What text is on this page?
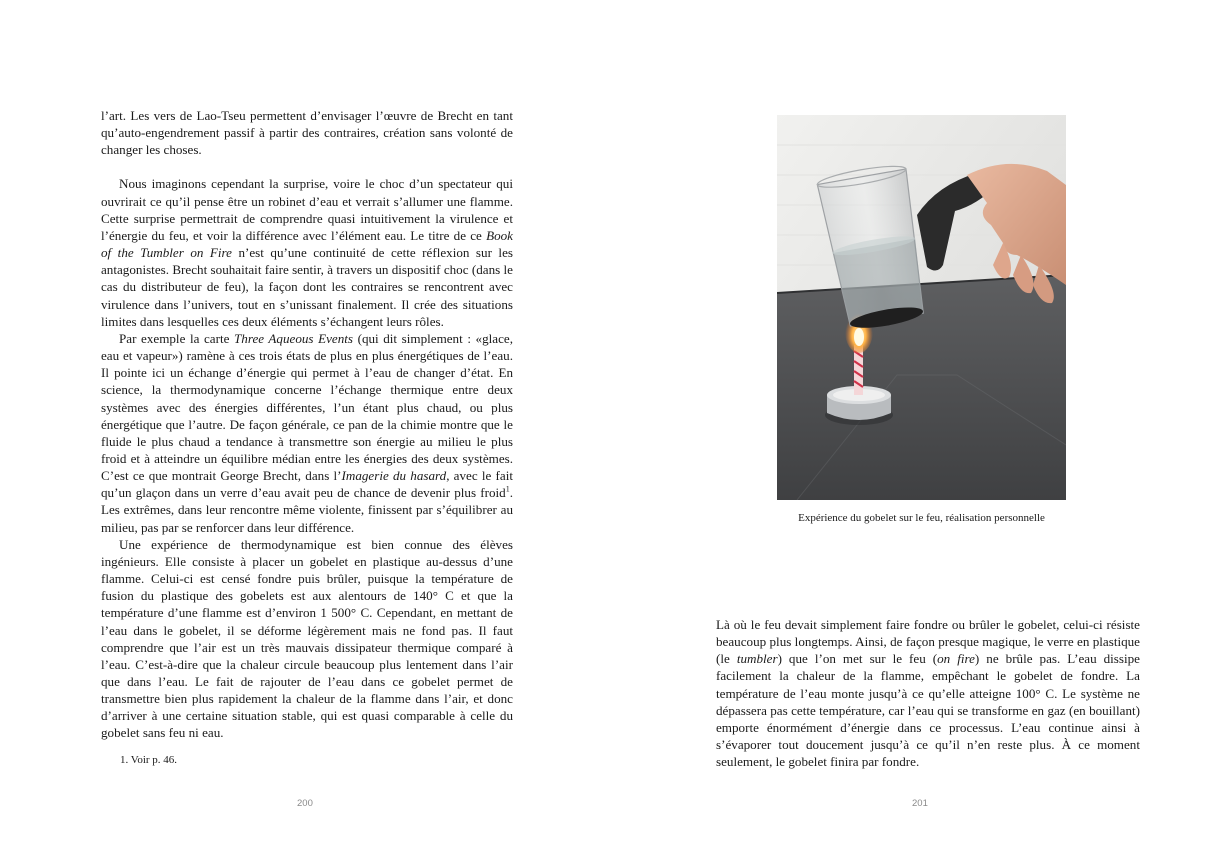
l’art. Les vers de Lao-Tseu permettent d’envisager l’œuvre de Brecht en tant qu’auto-engendrement passif à partir des contraires, création sans volonté de changer les choses.

Nous imaginons cependant la surprise, voire le choc d’un spectateur qui ouvrirait ce qu’il pense être un robinet d’eau et verrait s’allumer une flamme. Cette surprise permettrait de comprendre quasi intuitivement la virulence et l’énergie du feu, et voir la différence avec l’élément eau. Le titre de ce Book of the Tumbler on Fire n’est qu’une continuité de cette réflexion sur les antagonistes. Brecht souhaitait faire sentir, à travers un dispositif choc (dans le cas du distributeur de feu), la façon dont les contraires se rencontrent avec virulence dans l’univers, tout en s’unissant finalement. Il crée des situations limites dans lesquelles ces deux éléments s’échangent leurs rôles.

Par exemple la carte Three Aqueous Events (qui dit simplement : «glace, eau et vapeur») ramène à ces trois états de plus en plus énergétiques de l’eau. Il pointe ici un échange d’énergie qui permet à l’eau de changer d’état. En science, la thermodynamique concerne l’échange thermique entre deux systèmes avec des énergies différentes, l’un étant plus chaud, ou plus énergétique que l’autre. De façon générale, ce pan de la chimie montre que le fluide le plus chaud a tendance à transmettre son énergie au milieu le plus froid et à atteindre un équilibre médian entre les énergies des deux systèmes. C’est ce que montrait George Brecht, dans l’Imagerie du hasard, avec le fait qu’un glaçon dans un verre d’eau avait peu de chance de devenir plus froid$^1$. Les extrêmes, dans leur rencontre même violente, finissent par s’équilibrer au milieu, pas par se renforcer dans leur différence.

Une expérience de thermodynamique est bien connue des élèves ingénieurs. Elle consiste à placer un gobelet en plastique au-dessus d’une flamme. Celui-ci est censé fondre puis brûler, puisque la température de fusion du plastique des gobelets est aux alentours de 140° C et que la température d’une flamme est d’environ 1 500° C. Cependant, en mettant de l’eau dans le gobelet, il se déforme légèrement mais ne fond pas. Il faut comprendre que l’air est un très mauvais dissipateur thermique comparé à l’eau. C’est-à-dire que la chaleur circule beaucoup plus lentement dans l’air que dans l’eau. Le fait de rajouter de l’eau dans ce gobelet permet de transmettre bien plus rapidement la chaleur de la flamme dans l’air, et donc d’arriver à une certaine situation stable, qui est quasi comparable à celle du gobelet sans feu ni eau.

1. Voir p. 46.
200
Expérience du gobelet sur le feu, réalisation personnelle

Là où le feu devait simplement faire fondre ou brûler le gobelet, celui-ci résiste beaucoup plus longtemps. Ainsi, de façon presque magique, le verre en plastique (le tumbler) que l’on met sur le feu (on fire) ne brûle pas. L’eau dissipe facilement la chaleur de la flamme, empêchant le gobelet de fondre. La température de l’eau monte jusqu’à ce qu’elle atteigne 100° C. Le système ne dépassera pas cette température, car l’eau qui se transforme en gaz (en bouillant) emporte énormément d’énergie dans ce processus. L’eau continue ainsi à s’évaporer tout doucement jusqu’à ce qu’il n’en reste plus. À ce moment seulement, le gobelet finira par fondre.

201
